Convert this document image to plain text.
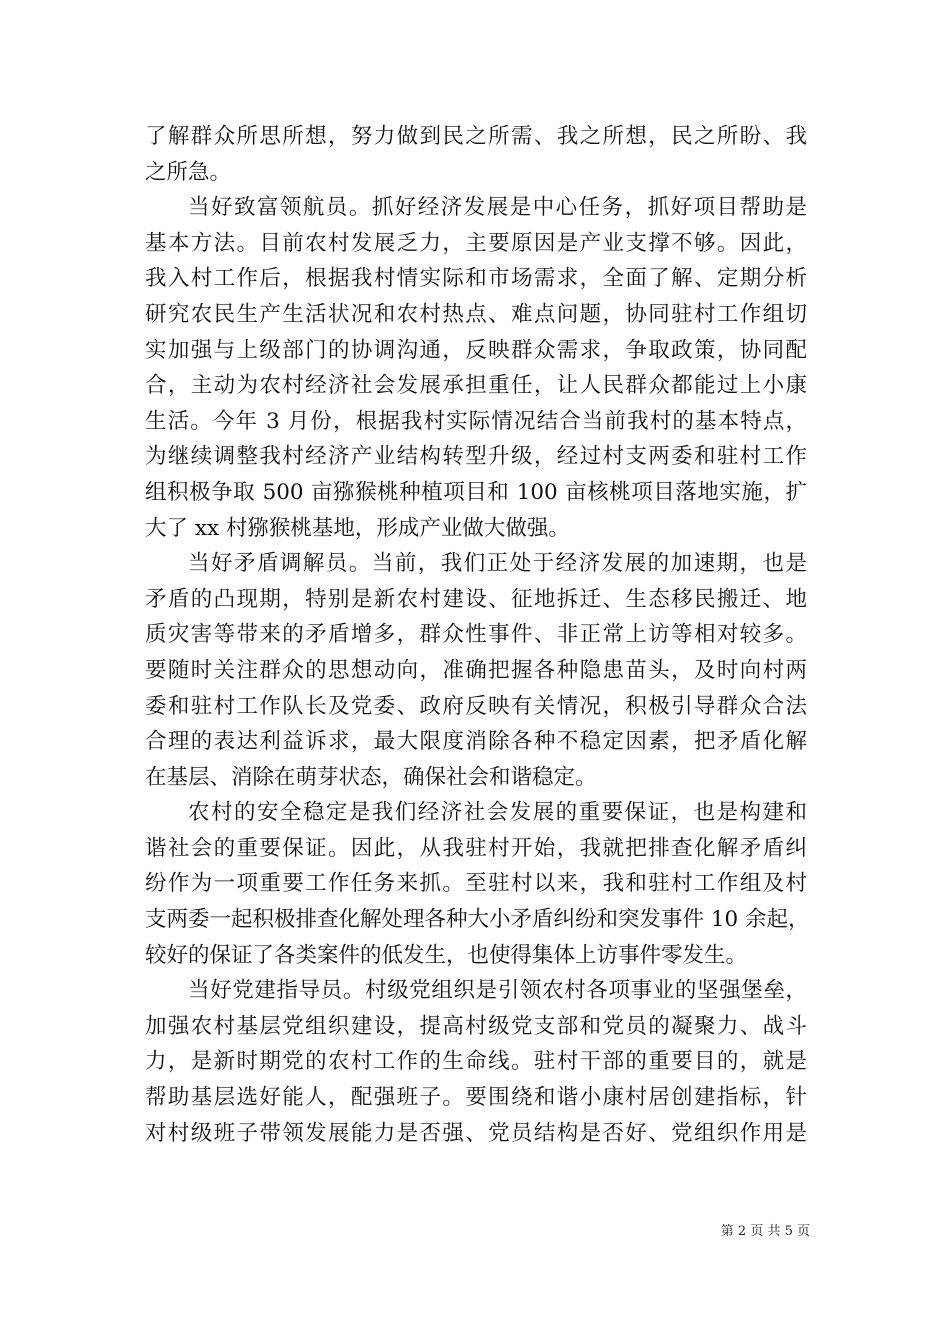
了解群众所思所想，努力做到民之所需、我之所想，民之所盼、我
之所急。
当好致富领航员。抓好经济发展是中心任务，抓好项目帮助是
基本方法。目前农村发展乏力，主要原因是产业支撑不够。因此，
我入村工作后，根据我村情实际和市场需求，全面了解、定期分析
研究农民生产生活状况和农村热点、难点问题，协同驻村工作组切
实加强与上级部门的协调沟通，反映群众需求，争取政策，协同配
合，主动为农村经济社会发展承担重任，让人民群众都能过上小康
生活。今年 3 月份，根据我村实际情况结合当前我村的基本特点，
为继续调整我村经济产业结构转型升级，经过村支两委和驻村工作
组积极争取 500 亩猕猴桃种植项目和 100 亩核桃项目落地实施，扩
大了 xx 村猕猴桃基地，形成产业做大做强。
当好矛盾调解员。当前，我们正处于经济发展的加速期，也是
矛盾的凸现期，特别是新农村建设、征地拆迁、生态移民搬迁、地
质灾害等带来的矛盾增多，群众性事件、非正常上访等相对较多。
要随时关注群众的思想动向，准确把握各种隐患苗头，及时向村两
委和驻村工作队长及党委、政府反映有关情况，积极引导群众合法
合理的表达利益诉求，最大限度消除各种不稳定因素，把矛盾化解
在基层、消除在萌芽状态，确保社会和谐稳定。
农村的安全稳定是我们经济社会发展的重要保证，也是构建和
谐社会的重要保证。因此，从我驻村开始，我就把排查化解矛盾纠
纷作为一项重要工作任务来抓。至驻村以来，我和驻村工作组及村
支两委一起积极排查化解处理各种大小矛盾纠纷和突发事件 10 余起，
较好的保证了各类案件的低发生，也使得集体上访事件零发生。
当好党建指导员。村级党组织是引领农村各项事业的坚强堡垒，
加强农村基层党组织建设，提高村级党支部和党员的凝聚力、战斗
力，是新时期党的农村工作的生命线。驻村干部的重要目的，就是
帮助基层选好能人，配强班子。要围绕和谐小康村居创建指标，针
对村级班子带领发展能力是否强、党员结构是否好、党组织作用是
第 2 页 共 5 页
